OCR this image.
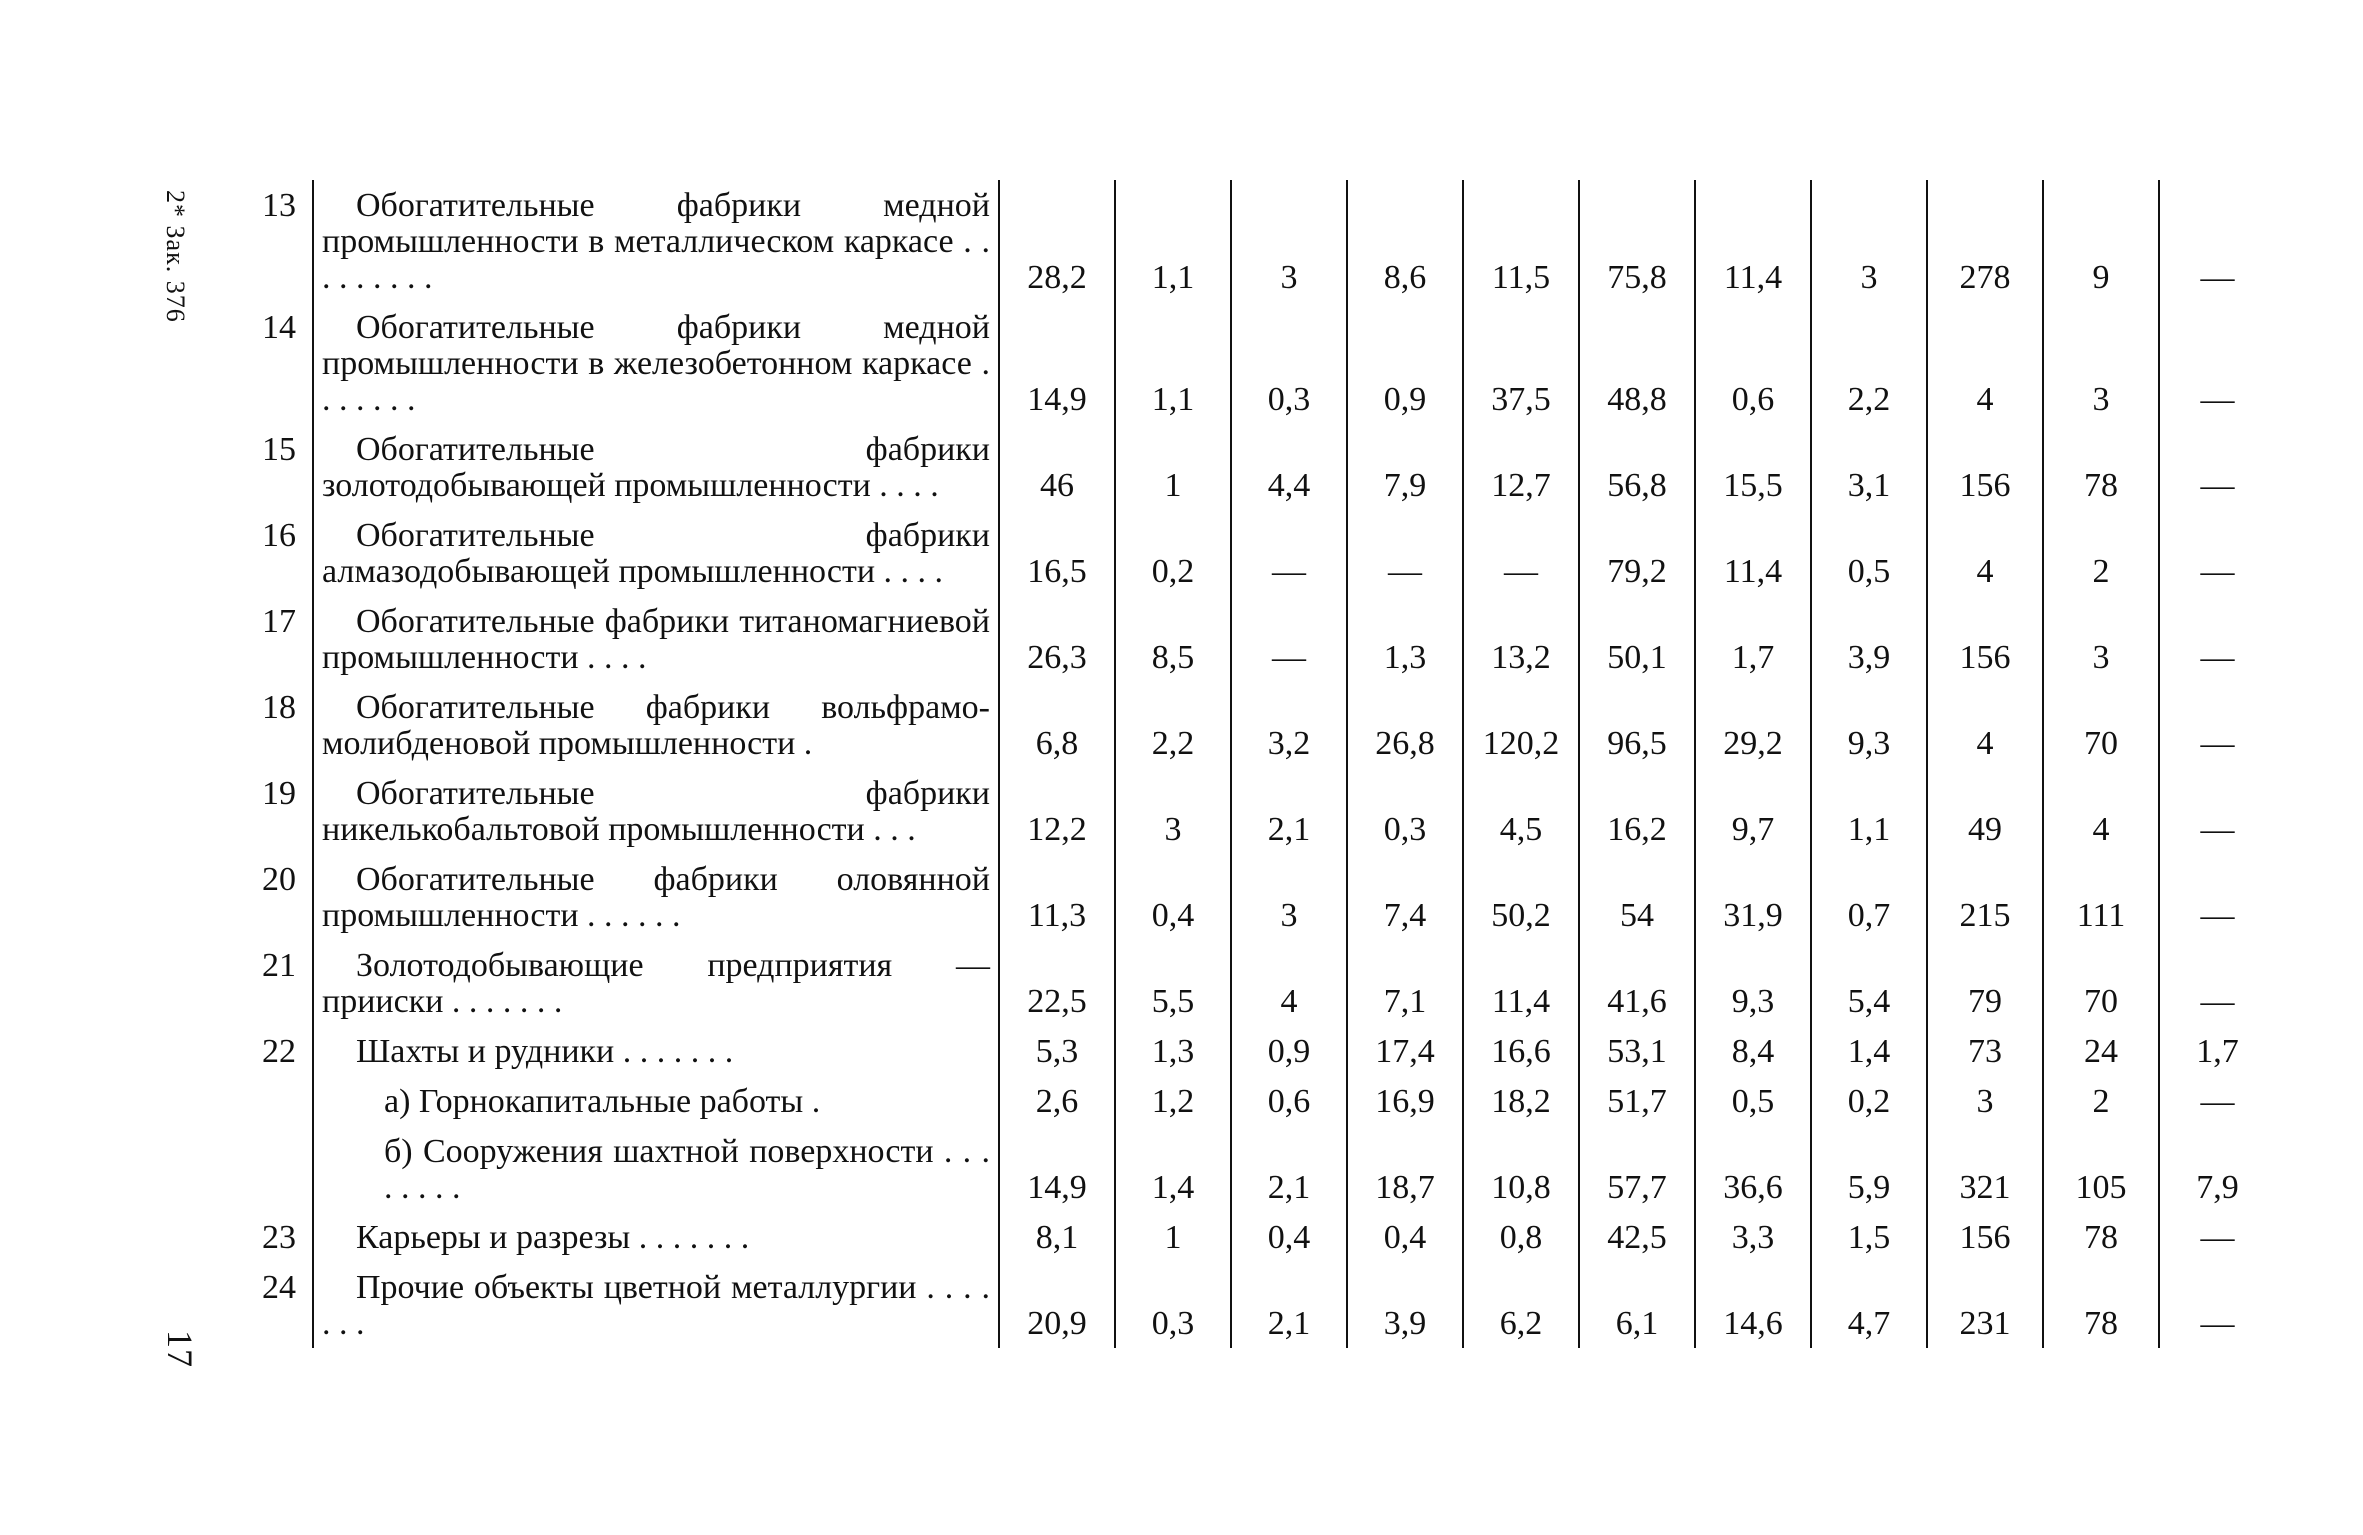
2* Зак. 376
17
13	Обогатительные фабрики медной промышленности в металлическом каркасе . . . . . . . . .	28,2	1,1	3	8,6	11,5	75,8	11,4	3	278	9	—
14	Обогатительные фабрики медной промышленности в железобетонном каркасе . . . . . . .	14,9	1,1	0,3	0,9	37,5	48,8	0,6	2,2	4	3	—
15	Обогатительные фабрики золотодобывающей промышленности . . . .	46	1	4,4	7,9	12,7	56,8	15,5	3,1	156	78	—
16	Обогатительные фабрики алмазодобывающей промышленности . . . .	16,5	0,2	—	—	—	79,2	11,4	0,5	4	2	—
17	Обогатительные фабрики титаномагниевой промышленности . . . .	26,3	8,5	—	1,3	13,2	50,1	1,7	3,9	156	3	—
18	Обогатительные фабрики вольфрамо-молибденовой промышленности .	6,8	2,2	3,2	26,8	120,2	96,5	29,2	9,3	4	70	—
19	Обогатительные фабрики никелькобальтовой промышленности . . .	12,2	3	2,1	0,3	4,5	16,2	9,7	1,1	49	4	—
20	Обогатительные фабрики оловянной промышленности . . . . . .	11,3	0,4	3	7,4	50,2	54	31,9	0,7	215	111	—
21	Золотодобывающие предприятия — прииски . . . . . . .	22,5	5,5	4	7,1	11,4	41,6	9,3	5,4	79	70	—
22	Шахты и рудники . . . . . . .	5,3	1,3	0,9	17,4	16,6	53,1	8,4	1,4	73	24	1,7

	а) Горнокапитальные работы .	2,6	1,2	0,6	16,9	18,2	51,7	0,5	0,2	3	2	—

	б) Сооружения шахтной поверхности . . . . . . . .	14,9	1,4	2,1	18,7	10,8	57,7	36,6	5,9	321	105	7,9
23	Карьеры и разрезы . . . . . . .	8,1	1	0,4	0,4	0,8	42,5	3,3	1,5	156	78	—
24	Прочие объекты цветной металлургии . . . . . . .	20,9	0,3	2,1	3,9	6,2	6,1	14,6	4,7	231	78	—
